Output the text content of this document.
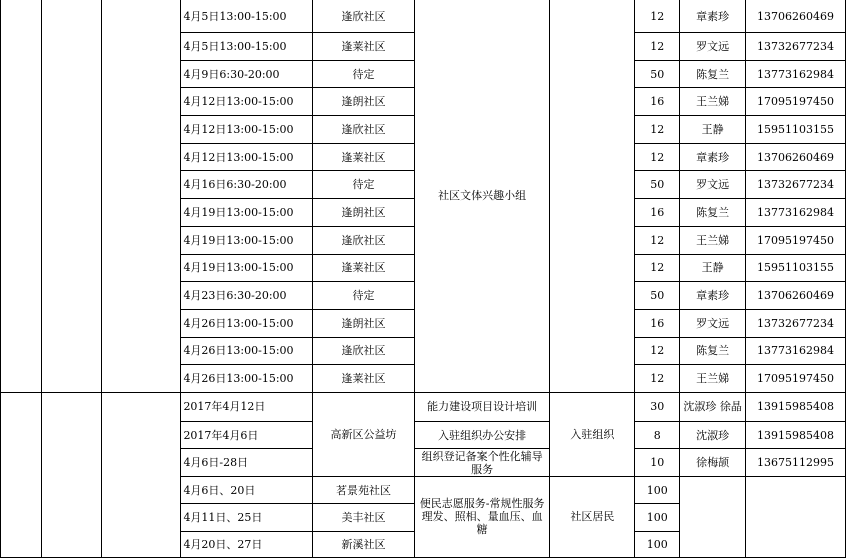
			4月5日13:00-15:00	逢欣社区	社区文体兴趣小组		12	章素珍	13706260469
			4月5日13:00-15:00	逢莱社区			12	罗文远	13732677234
			4月9日6:30-20:00	待定			50	陈复兰	13773162984
			4月12日13:00-15:00	逢朗社区			16	王兰娣	17095197450
			4月12日13:00-15:00	逢欣社区			12	王静	15951103155
			4月12日13:00-15:00	逢莱社区			12	章素珍	13706260469
			4月16日6:30-20:00	待定			50	罗文远	13732677234
			4月19日13:00-15:00	逢朗社区			16	陈复兰	13773162984
			4月19日13:00-15:00	逢欣社区			12	王兰娣	17095197450
			4月19日13:00-15:00	逢莱社区			12	王静	15951103155
			4月23日6:30-20:00	待定			50	章素珍	13706260469
			4月26日13:00-15:00	逢朗社区			16	罗文远	13732677234
			4月26日13:00-15:00	逢欣社区			12	陈复兰	13773162984
			4月26日13:00-15:00	逢莱社区			12	王兰娣	17095197450
			2017年4月12日	高新区公益坊	能力建设项目设计培训	入驻组织	30	沈淑珍 徐晶	13915985408
			2017年4月6日		入驻组织办公安排		8	沈淑珍	13915985408
			4月6日-28日		组织登记备案个性化辅导服务		10	徐梅颉	13675112995
			4月6日、20日	茗景苑社区	便民志愿服务-常规性服务理发、照相、量血压、血糖	社区居民	100		
			4月11日、25日	美丰社区			100		
			4月20日、27日	新溪社区			100		
